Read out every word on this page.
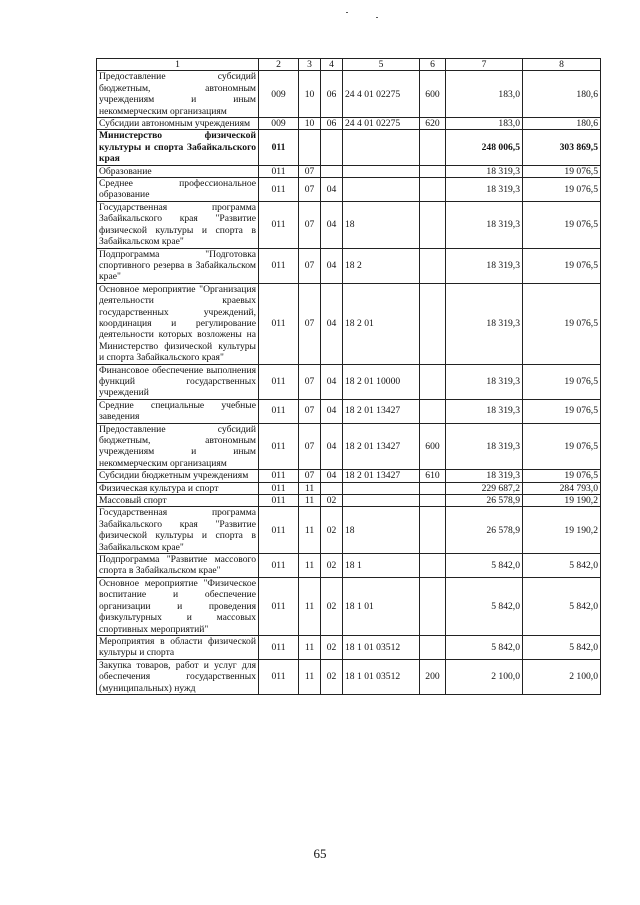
1	2	3	4	5	6	7	8
Предоставление субсидий бюджетным, автономным учреждениям и иным некоммерческим организациям	009	10	06	24 4 01 02275	600	183,0	180,6
Субсидии автономным учреждениям	009	10	06	24 4 01 02275	620	183,0	180,6
Министерство физической культуры и спорта Забайкальского края	011					248 006,5	303 869,5
Образование	011	07				18 319,3	19 076,5
Среднее профессиональное образование	011	07	04			18 319,3	19 076,5
Государственная программа Забайкальского края "Развитие физической культуры и спорта в Забайкальском крае"	011	07	04	18		18 319,3	19 076,5
Подпрограмма "Подготовка спортивного резерва в Забайкальском крае"	011	07	04	18 2		18 319,3	19 076,5
Основное мероприятие "Организация деятельности краевых государственных учреждений, координация и регулирование деятельности которых возложены на Министерство физической культуры и спорта Забайкальского края"	011	07	04	18 2 01		18 319,3	19 076,5
Финансовое обеспечение выполнения функций государственных учреждений	011	07	04	18 2 01 10000		18 319,3	19 076,5
Средние специальные учебные заведения	011	07	04	18 2 01 13427		18 319,3	19 076,5
Предоставление субсидий бюджетным, автономным учреждениям и иным некоммерческим организациям	011	07	04	18 2 01 13427	600	18 319,3	19 076,5
Субсидии бюджетным учреждениям	011	07	04	18 2 01 13427	610	18 319,3	19 076,5
Физическая культура и спорт	011	11				229 687,2	284 793,0
Массовый спорт	011	11	02			26 578,9	19 190,2
Государственная программа Забайкальского края "Развитие физической культуры и спорта в Забайкальском крае"	011	11	02	18		26 578,9	19 190,2
Подпрограмма "Развитие массового спорта в Забайкальском крае"	011	11	02	18 1		5 842,0	5 842,0
Основное мероприятие "Физическое воспитание и обеспечение организации и проведения физкультурных и массовых спортивных мероприятий"	011	11	02	18 1 01		5 842,0	5 842,0
Мероприятия в области физической культуры и спорта	011	11	02	18 1 01 03512		5 842,0	5 842,0
Закупка товаров, работ и услуг для обеспечения государственных (муниципальных) нужд	011	11	02	18 1 01 03512	200	2 100,0	2 100,0
65
